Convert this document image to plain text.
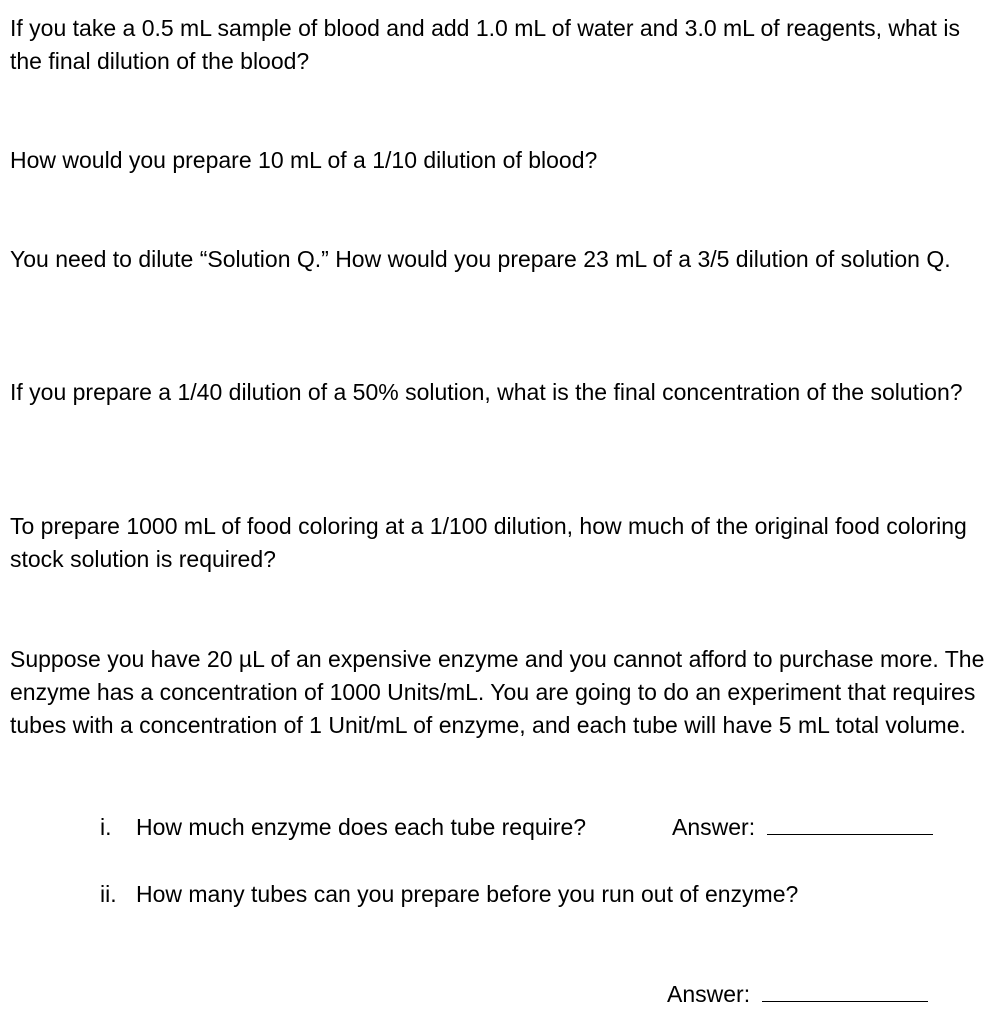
If you take a 0.5 mL sample of blood and add 1.0 mL of water and 3.0 mL of reagents, what is the final dilution of the blood?

How would you prepare 10 mL of a 1/10 dilution of blood?

You need to dilute “Solution Q.” How would you prepare 23 mL of a 3/5 dilution of solution Q.

If you prepare a 1/40 dilution of a 50% solution, what is the final concentration of the solution?

To prepare 1000 mL of food coloring at a 1/100 dilution, how much of the original food coloring stock solution is required?

Suppose you have 20 µL of an expensive enzyme and you cannot afford to purchase more. The enzyme has a concentration of 1000 Units/mL. You are going to do an experiment that requires tubes with a concentration of 1 Unit/mL of enzyme, and each tube will have 5 mL total volume.

i. How much enzyme does each tube require?	Answer:
ii. How many tubes can you prepare before you run out of enzyme?
Answer:
